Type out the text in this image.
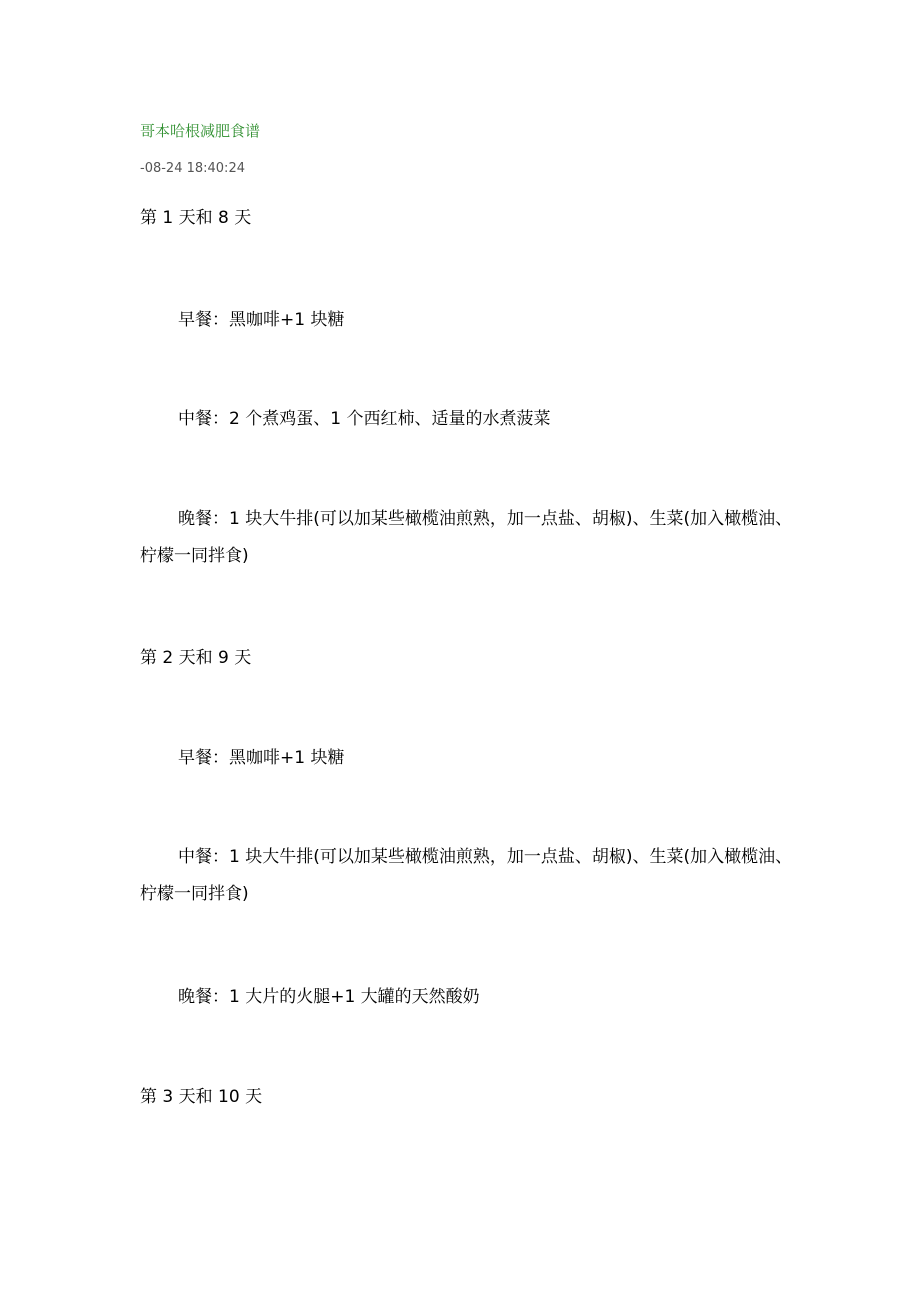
哥本哈根减肥食谱
-08-24 18:40:24
第 1 天和 8 天
早餐：黑咖啡+1 块糖
中餐：2 个煮鸡蛋、1 个西红柿、适量的水煮菠菜
晚餐：1 块大牛排(可以加某些橄榄油煎熟，加一点盐、胡椒)、生菜(加入橄榄油、柠檬一同拌食)
第 2 天和 9 天
早餐：黑咖啡+1 块糖
中餐：1 块大牛排(可以加某些橄榄油煎熟，加一点盐、胡椒)、生菜(加入橄榄油、柠檬一同拌食)
晚餐：1 大片的火腿+1 大罐的天然酸奶
第 3 天和 10 天
